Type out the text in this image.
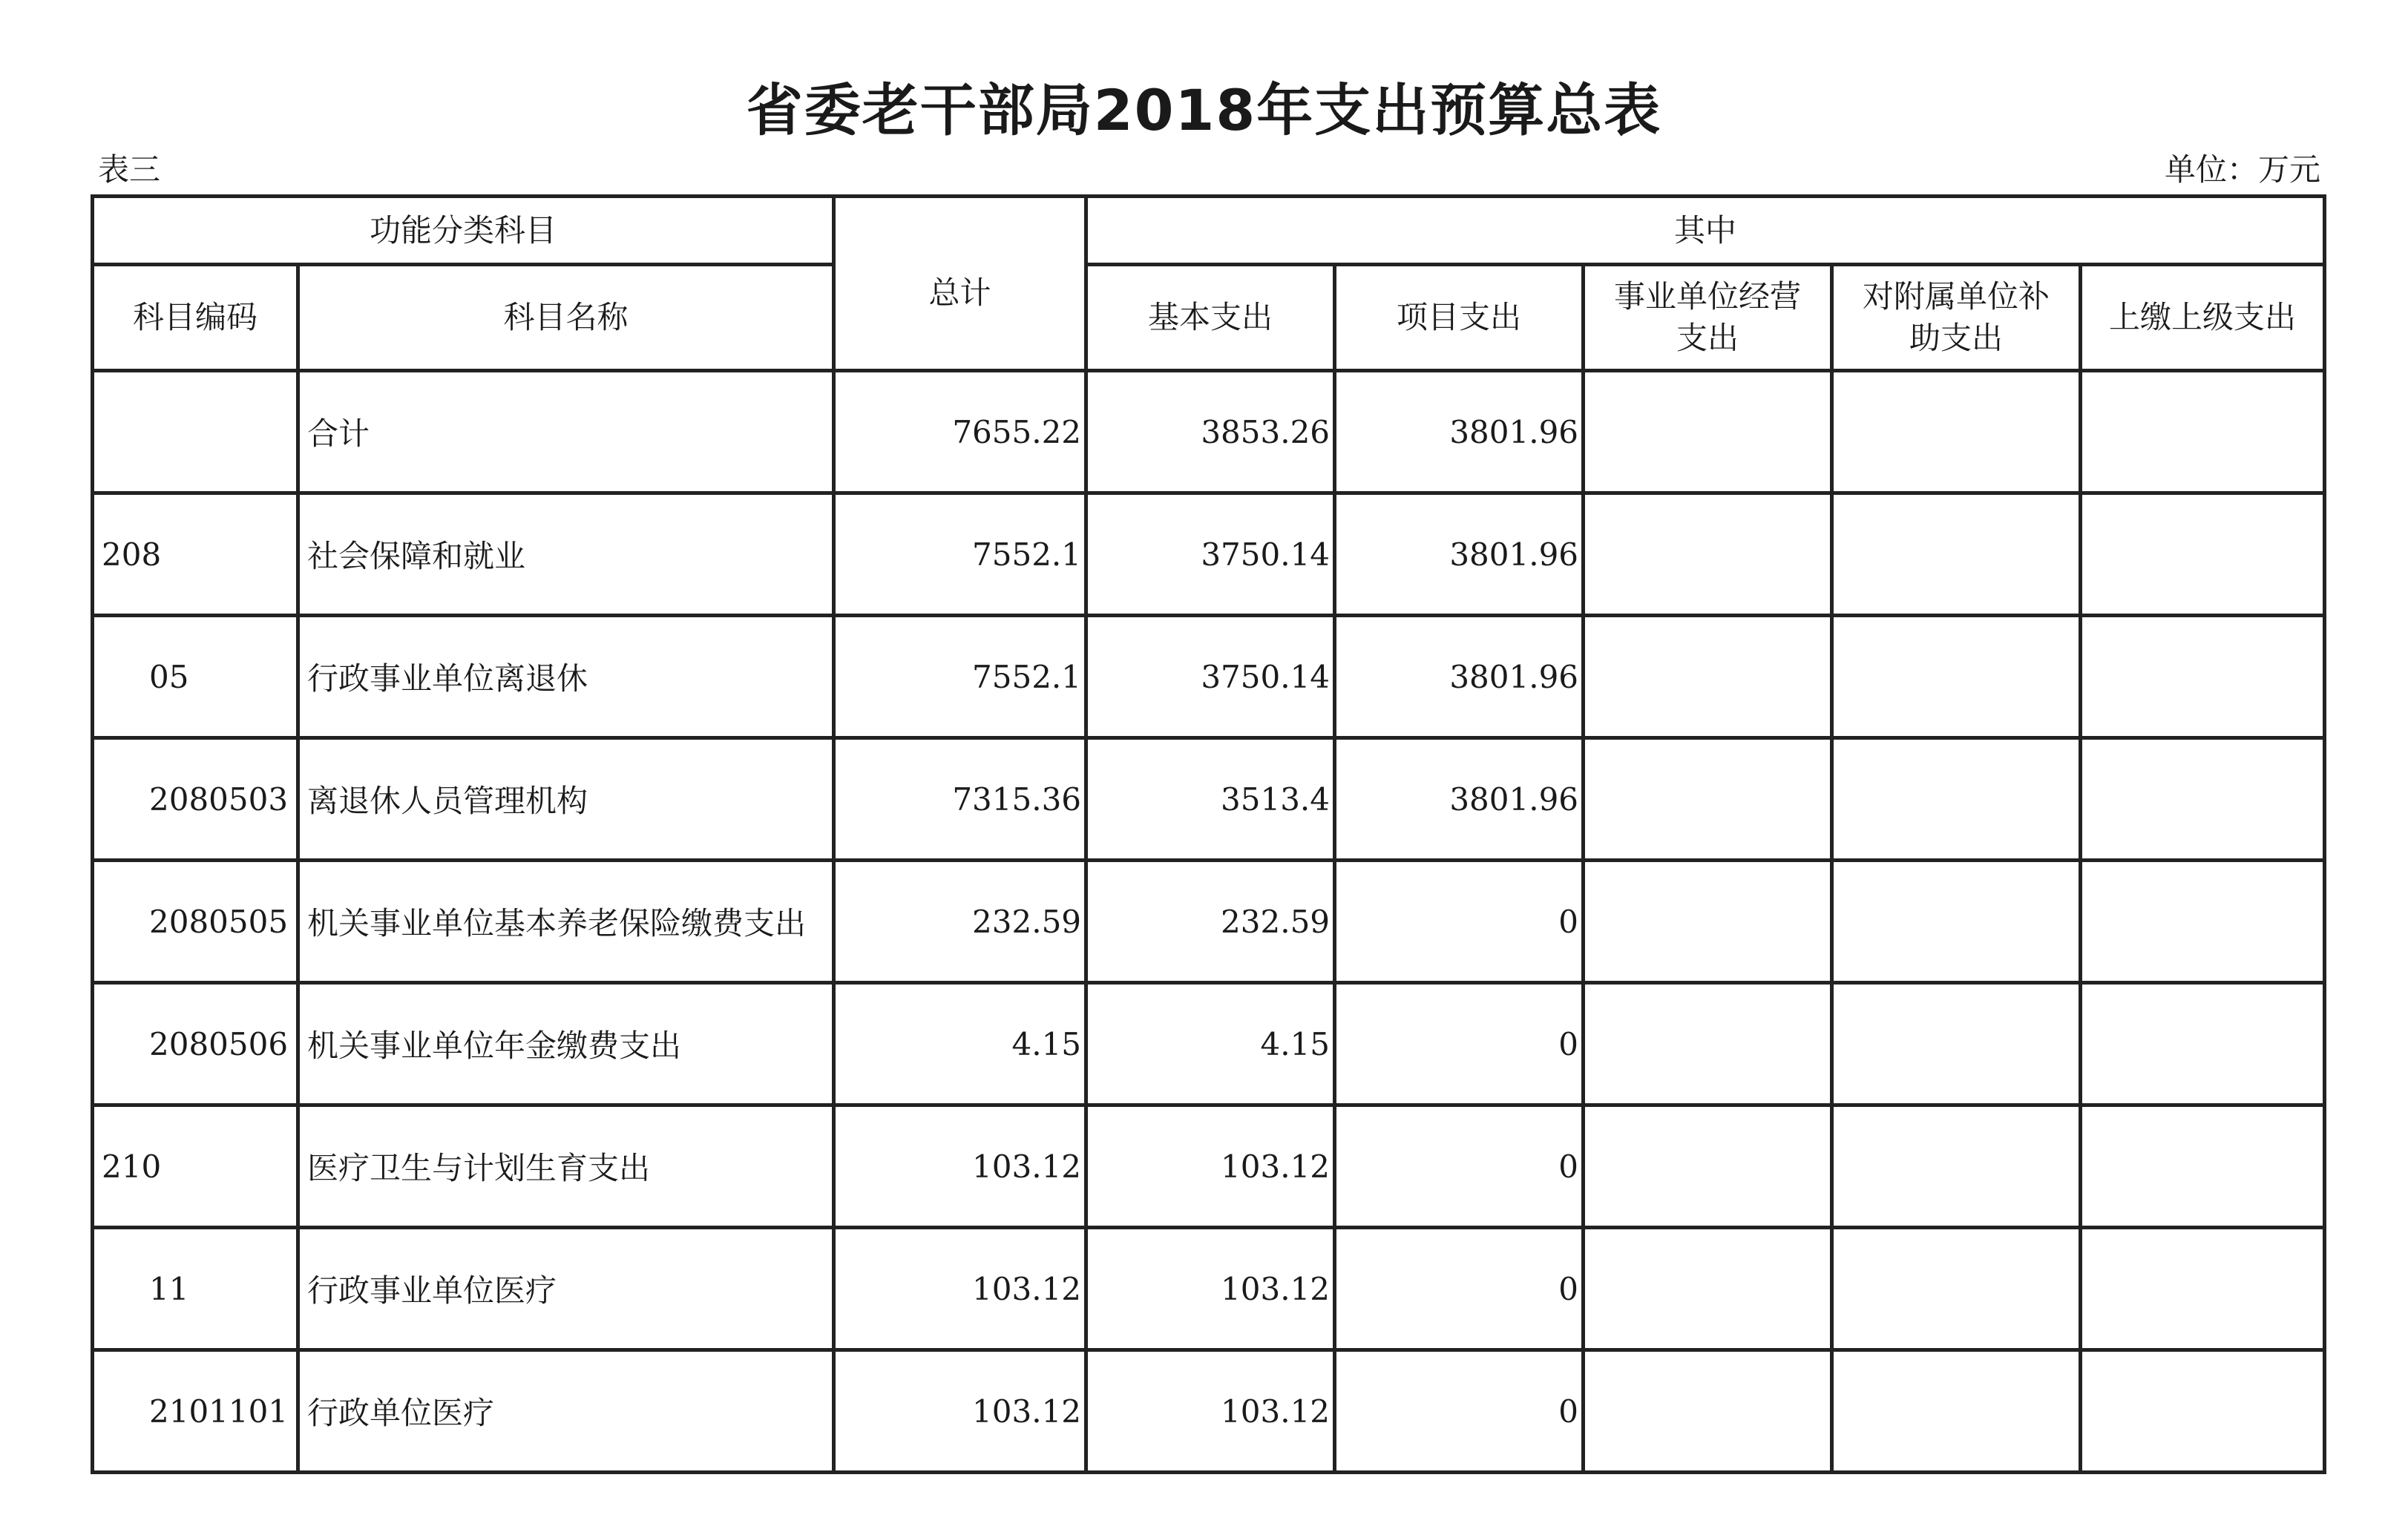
省委老干部局2018年支出预算总表
表三	单位：万元
功能分类科目		总计	其中				
科目编码	科目名称		基本支出	项目支出	事业单位经营支出	对附属单位补助支出	上缴上级支出
	合计	7655.22	3853.26	3801.96			
208	社会保障和就业	7552.1	3750.14	3801.96			
05	行政事业单位离退休	7552.1	3750.14	3801.96			
2080503	离退休人员管理机构	7315.36	3513.4	3801.96			
2080505	机关事业单位基本养老保险缴费支出	232.59	232.59	0			
2080506	机关事业单位年金缴费支出	4.15	4.15	0			
210	医疗卫生与计划生育支出	103.12	103.12	0			
11	行政事业单位医疗	103.12	103.12	0			
2101101	行政单位医疗	103.12	103.12	0			
